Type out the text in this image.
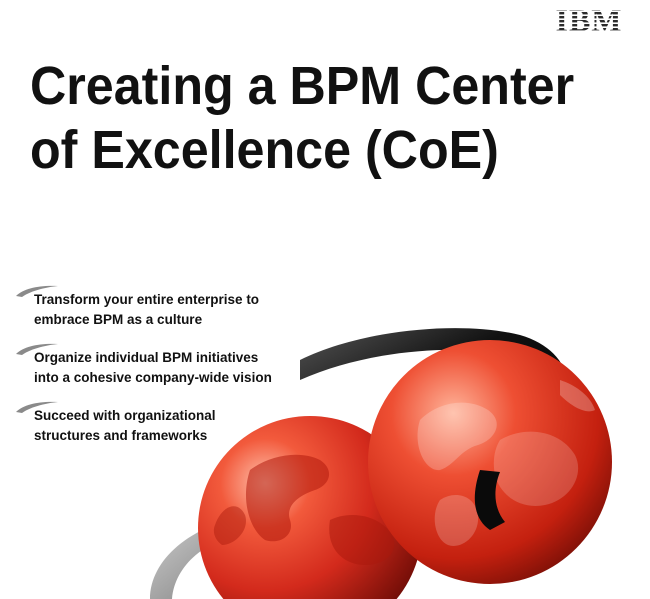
IBM
Creating a BPM Center
of Excellence (CoE)
Transform your entire enterprise to
embrace BPM as a culture
Organize individual BPM initiatives
into a cohesive company-wide vision
Succeed with organizational
structures and frameworks
